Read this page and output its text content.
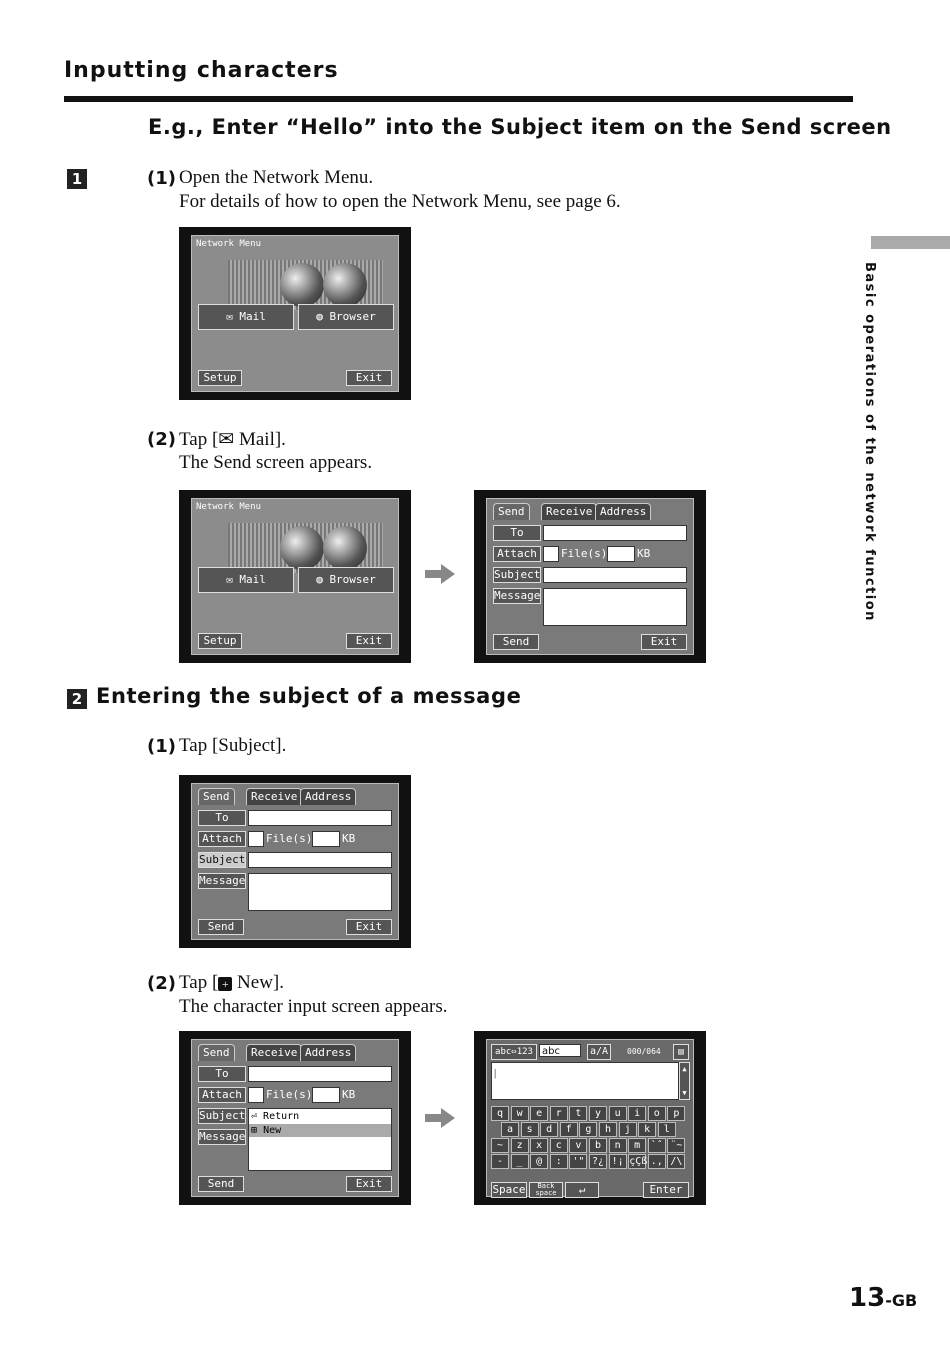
Inputting characters
E.g., Enter “Hello” into the Subject item on the Send screen
Basic operations of the network function
1	(1) Open the Network Menu.
For details of how to open the Network Menu, see page 6.
Network Menu
✉ Mail	◍ Browser
Setup	Exit
(2) Tap [✉ Mail].
The Send screen appears.
Network Menu
✉ Mail	◍ Browser
Setup	Exit
Send	Receive Address
To
Attach	File(s)	KB
Subject
Message
Send	Exit
2 Entering the subject of a message
(1) Tap [Subject].
Send	Receive Address
To
Attach	File(s)	KB
Subject
Message
Send	Exit
(2) Tap [ + New].
The character input screen appears.
Send	Receive Address
To
Attach	File(s)	KB
Subject
Message
⏎ Return
⊞ New
Send	Exit
abc⇔123 abc	a/A	000/064	▤
|	▲

▼
q	w	e	r	t	y	u	i	o	p
a	s	d	f	g	h	j	k	l
~	z	x	c	v	b	n	m	`ˆ ¨~
-	_	@	:	'" ?¿ !¡ çÇß ., /\
Space	Back space	↵	Enter
13-GB
